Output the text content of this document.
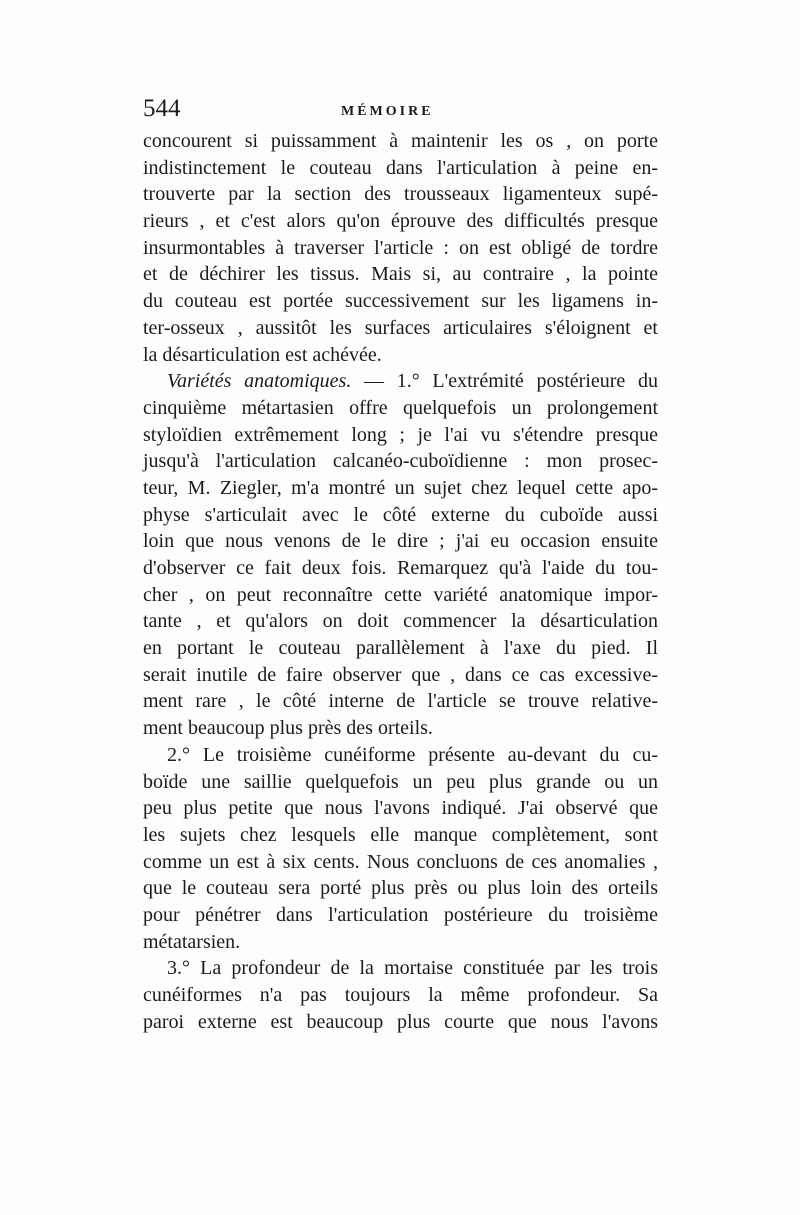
544	MÉMOIRE
concourent si puissamment à maintenir les os , on porte
indistinctement le couteau dans l'articulation à peine en-
trouverte par la section des trousseaux ligamenteux supé-
rieurs , et c'est alors qu'on éprouve des difficultés presque
insurmontables à traverser l'article : on est obligé de tordre
et de déchirer les tissus. Mais si, au contraire , la pointe
du couteau est portée successivement sur les ligamens in-
ter-osseux , aussitôt les surfaces articulaires s'éloignent et
la désarticulation est achévée.
Variétés anatomiques. — 1.° L'extrémité postérieure du
cinquième métartasien offre quelquefois un prolongement
styloïdien extrêmement long ; je l'ai vu s'étendre presque
jusqu'à l'articulation calcanéo-cuboïdienne : mon prosec-
teur, M. Ziegler, m'a montré un sujet chez lequel cette apo-
physe s'articulait avec le côté externe du cuboïde aussi
loin que nous venons de le dire ; j'ai eu occasion ensuite
d'observer ce fait deux fois. Remarquez qu'à l'aide du tou-
cher , on peut reconnaître cette variété anatomique impor-
tante , et qu'alors on doit commencer la désarticulation
en portant le couteau parallèlement à l'axe du pied. Il
serait inutile de faire observer que , dans ce cas excessive-
ment rare , le côté interne de l'article se trouve relative-
ment beaucoup plus près des orteils.
2.° Le troisième cunéiforme présente au-devant du cu-
boïde une saillie quelquefois un peu plus grande ou un
peu plus petite que nous l'avons indiqué. J'ai observé que
les sujets chez lesquels elle manque complètement, sont
comme un est à six cents. Nous concluons de ces anomalies ,
que le couteau sera porté plus près ou plus loin des orteils
pour pénétrer dans l'articulation postérieure du troisième
métatarsien.
3.° La profondeur de la mortaise constituée par les trois
cunéiformes n'a pas toujours la même profondeur. Sa
paroi externe est beaucoup plus courte que nous l'avons
